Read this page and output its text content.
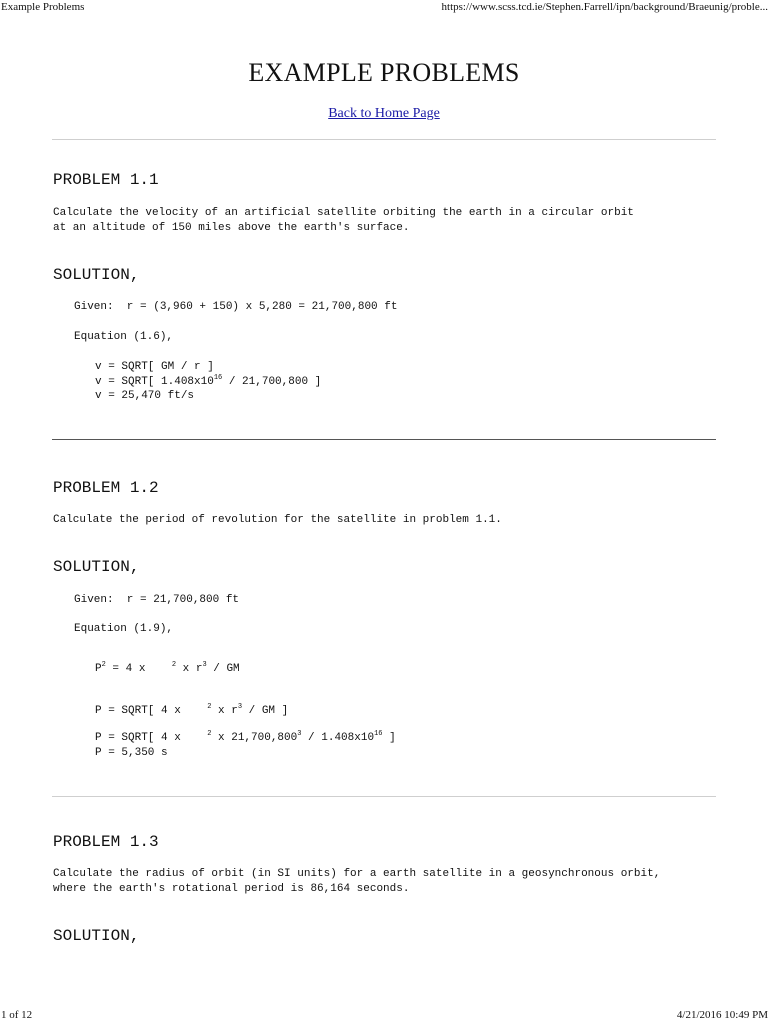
Example Problems	https://www.scss.tcd.ie/Stephen.Farrell/ipn/background/Braeunig/proble...
EXAMPLE PROBLEMS
Back to Home Page
PROBLEM 1.1
Calculate the velocity of an artificial satellite orbiting the earth in a circular orbit
at an altitude of 150 miles above the earth's surface.
SOLUTION,
Given:  r = (3,960 + 150) x 5,280 = 21,700,800 ft
Equation (1.6),
v = SQRT[ GM / r ]
v = SQRT[ $1.408x10^{16} / 21,700,800$ ]
v = 25,470 ft/s
PROBLEM 1.2
Calculate the period of revolution for the satellite in problem 1.1.
SOLUTION,
Given:  r = 21,700,800 ft
Equation (1.9),
$P^2 = 4$ x    $^2$ x $r^3$ / GM
P = SQRT[ 4 x    $^2$ x $r^3$ / GM ]
P = SQRT[ 4 x    $^2$ x $21,700,800^3 / 1.408x10^{16}$ ]
P = 5,350 s
PROBLEM 1.3
Calculate the radius of orbit (in SI units) for a earth satellite in a geosynchronous orbit,
where the earth's rotational period is 86,164 seconds.
SOLUTION,
1 of 12	4/21/2016 10:49 PM
